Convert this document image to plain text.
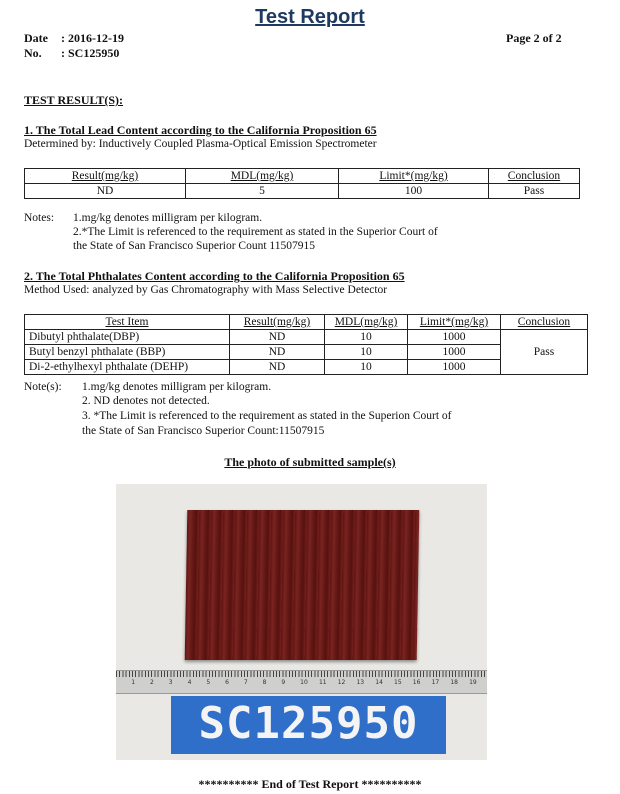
Test Report
Date : 2016-12-19
No. : SC125950
Page 2 of 2
TEST RESULT(S):
1. The Total Lead Content according to the California Proposition 65
Determined by: Inductively Coupled Plasma-Optical Emission Spectrometer
Result(mg/kg)	MDL(mg/kg)	Limit*(mg/kg)	Conclusion
ND	5	100	Pass
Notes: 1.mg/kg denotes milligram per kilogram.
2.*The Limit is referenced to the requirement as stated in the Superior Court of
the State of San Francisco Superior Count 11507915
2. The Total Phthalates Content according to the California Proposition 65
Method Used: analyzed by Gas Chromatography with Mass Selective Detector
Test Item	Result(mg/kg)	MDL(mg/kg)	Limit*(mg/kg)	Conclusion
Dibutyl phthalate(DBP)	ND	10	1000	Pass
Butyl benzyl phthalate (BBP)	ND	10	1000	
Di-2-ethylhexyl phthalate (DEHP)	ND	10	1000	
Note(s): 1.mg/kg denotes milligram per kilogram.
2. ND denotes not detected.
3. *The Limit is referenced to the requirement as stated in the Superion Court of
the State of San Francisco Superior Count:11507915
The photo of submitted sample(s)
1 2 3 4 5 6 7 8 9 10 11 12 13 14 15 16 17 18 19
SC125950
********** End of Test Report **********
